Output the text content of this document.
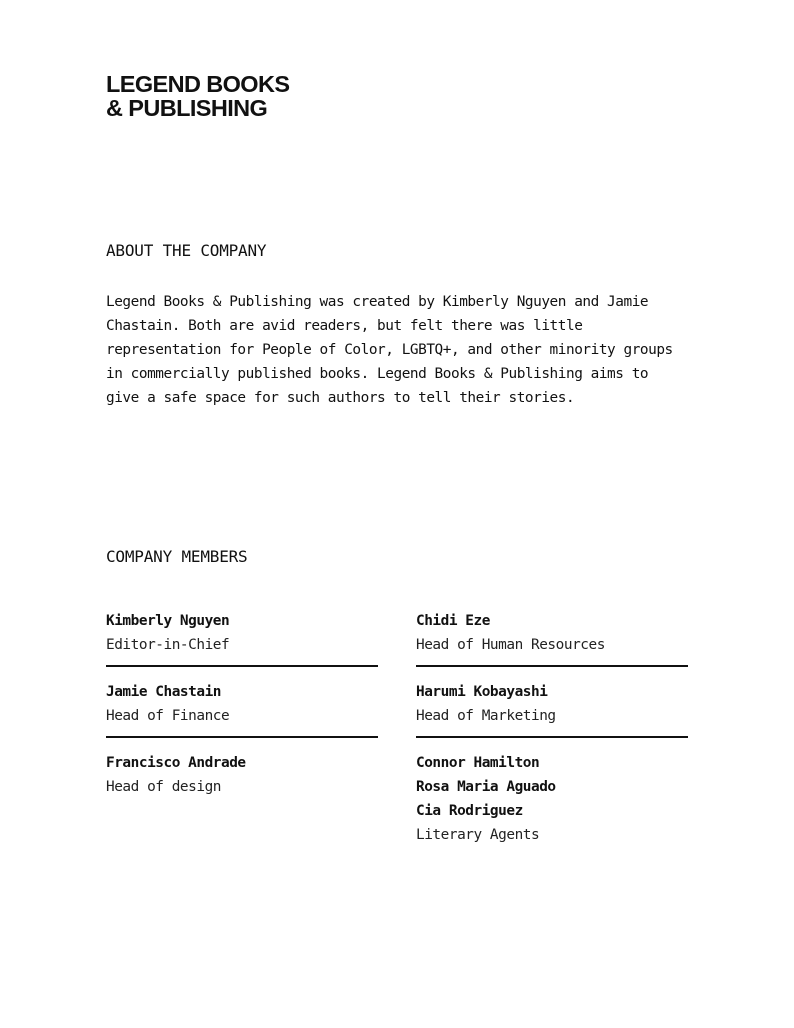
LEGEND BOOKS
& PUBLISHING
ABOUT THE COMPANY

Legend Books & Publishing was created by Kimberly Nguyen and Jamie Chastain. Both are avid readers, but felt there was little representation for People of Color, LGBTQ+, and other minority groups in commercially published books. Legend Books & Publishing aims to give a safe space for such authors to tell their stories.

COMPANY MEMBERS
Kimberly Nguyen
Editor-in-Chief
Jamie Chastain
Head of Finance
Francisco Andrade
Head of design
Chidi Eze
Head of Human Resources
Harumi Kobayashi
Head of Marketing
Connor Hamilton
Rosa Maria Aguado
Cia Rodriguez
Literary Agents
